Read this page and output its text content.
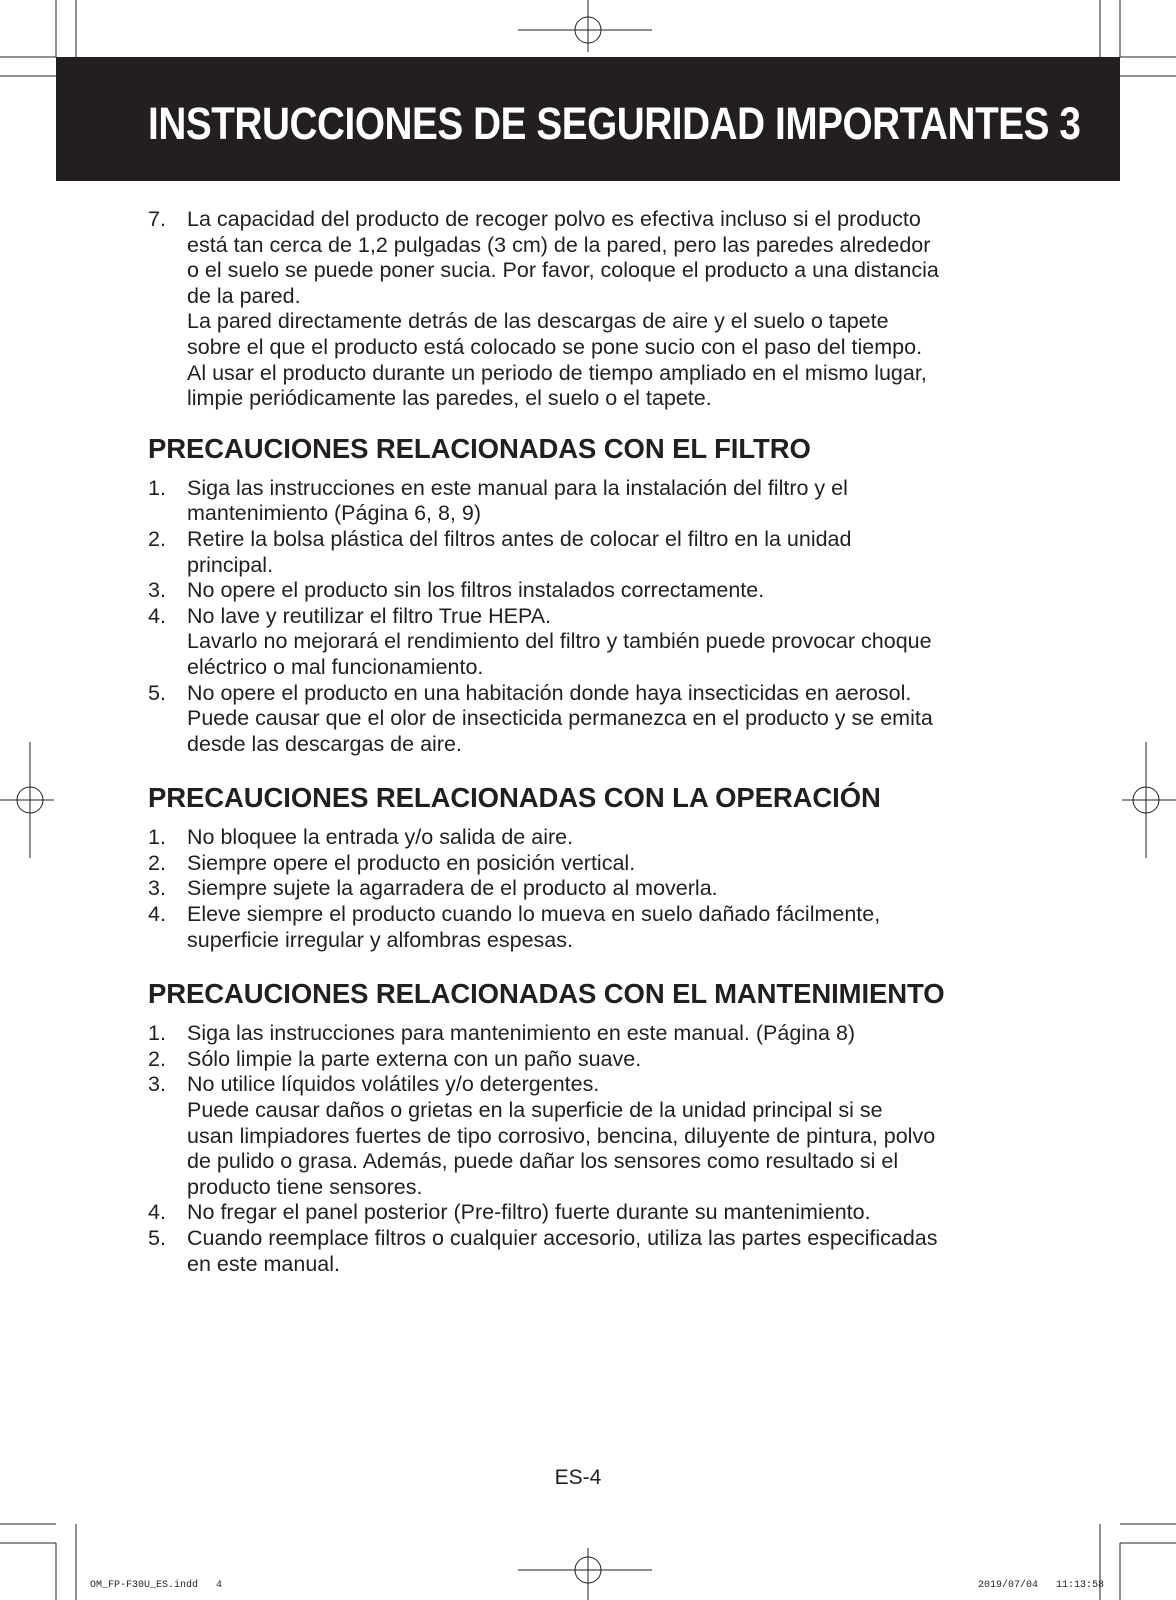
INSTRUCCIONES DE SEGURIDAD IMPORTANTES 3
7. La capacidad del producto de recoger polvo es efectiva incluso si el producto
está tan cerca de 1,2 pulgadas (3 cm) de la pared, pero las paredes alrededor
o el suelo se puede poner sucia. Por favor, coloque el producto a una distancia
de la pared.
La pared directamente detrás de las descargas de aire y el suelo o tapete
sobre el que el producto está colocado se pone sucio con el paso del tiempo.
Al usar el producto durante un periodo de tiempo ampliado en el mismo lugar,
limpie periódicamente las paredes, el suelo o el tapete.
PRECAUCIONES RELACIONADAS CON EL FILTRO
1. Siga las instrucciones en este manual para la instalación del filtro y el
mantenimiento (Página 6, 8, 9)
2. Retire la bolsa plástica del filtros antes de colocar el filtro en la unidad
principal.
3. No opere el producto sin los filtros instalados correctamente.
4. No lave y reutilizar el filtro True HEPA.
Lavarlo no mejorará el rendimiento del filtro y también puede provocar choque
eléctrico o mal funcionamiento.
5. No opere el producto en una habitación donde haya insecticidas en aerosol.
Puede causar que el olor de insecticida permanezca en el producto y se emita
desde las descargas de aire.
PRECAUCIONES RELACIONADAS CON LA OPERACIÓN
1. No bloquee la entrada y/o salida de aire.
2. Siempre opere el producto en posición vertical.
3. Siempre sujete la agarradera de el producto al moverla.
4. Eleve siempre el producto cuando lo mueva en suelo dañado fácilmente,
superficie irregular y alfombras espesas.
PRECAUCIONES RELACIONADAS CON EL MANTENIMIENTO
1. Siga las instrucciones para mantenimiento en este manual. (Página 8)
2. Sólo limpie la parte externa con un paño suave.
3. No utilice líquidos volátiles y/o detergentes.
Puede causar daños o grietas en la superficie de la unidad principal si se
usan limpiadores fuertes de tipo corrosivo, bencina, diluyente de pintura, polvo
de pulido o grasa. Además, puede dañar los sensores como resultado si el
producto tiene sensores.
4. No fregar el panel posterior (Pre-filtro) fuerte durante su mantenimiento.
5. Cuando reemplace filtros o cualquier accesorio, utiliza las partes especificadas
en este manual.
ES-4
OM_FP-F30U_ES.indd   4	2019/07/04   11:13:58
